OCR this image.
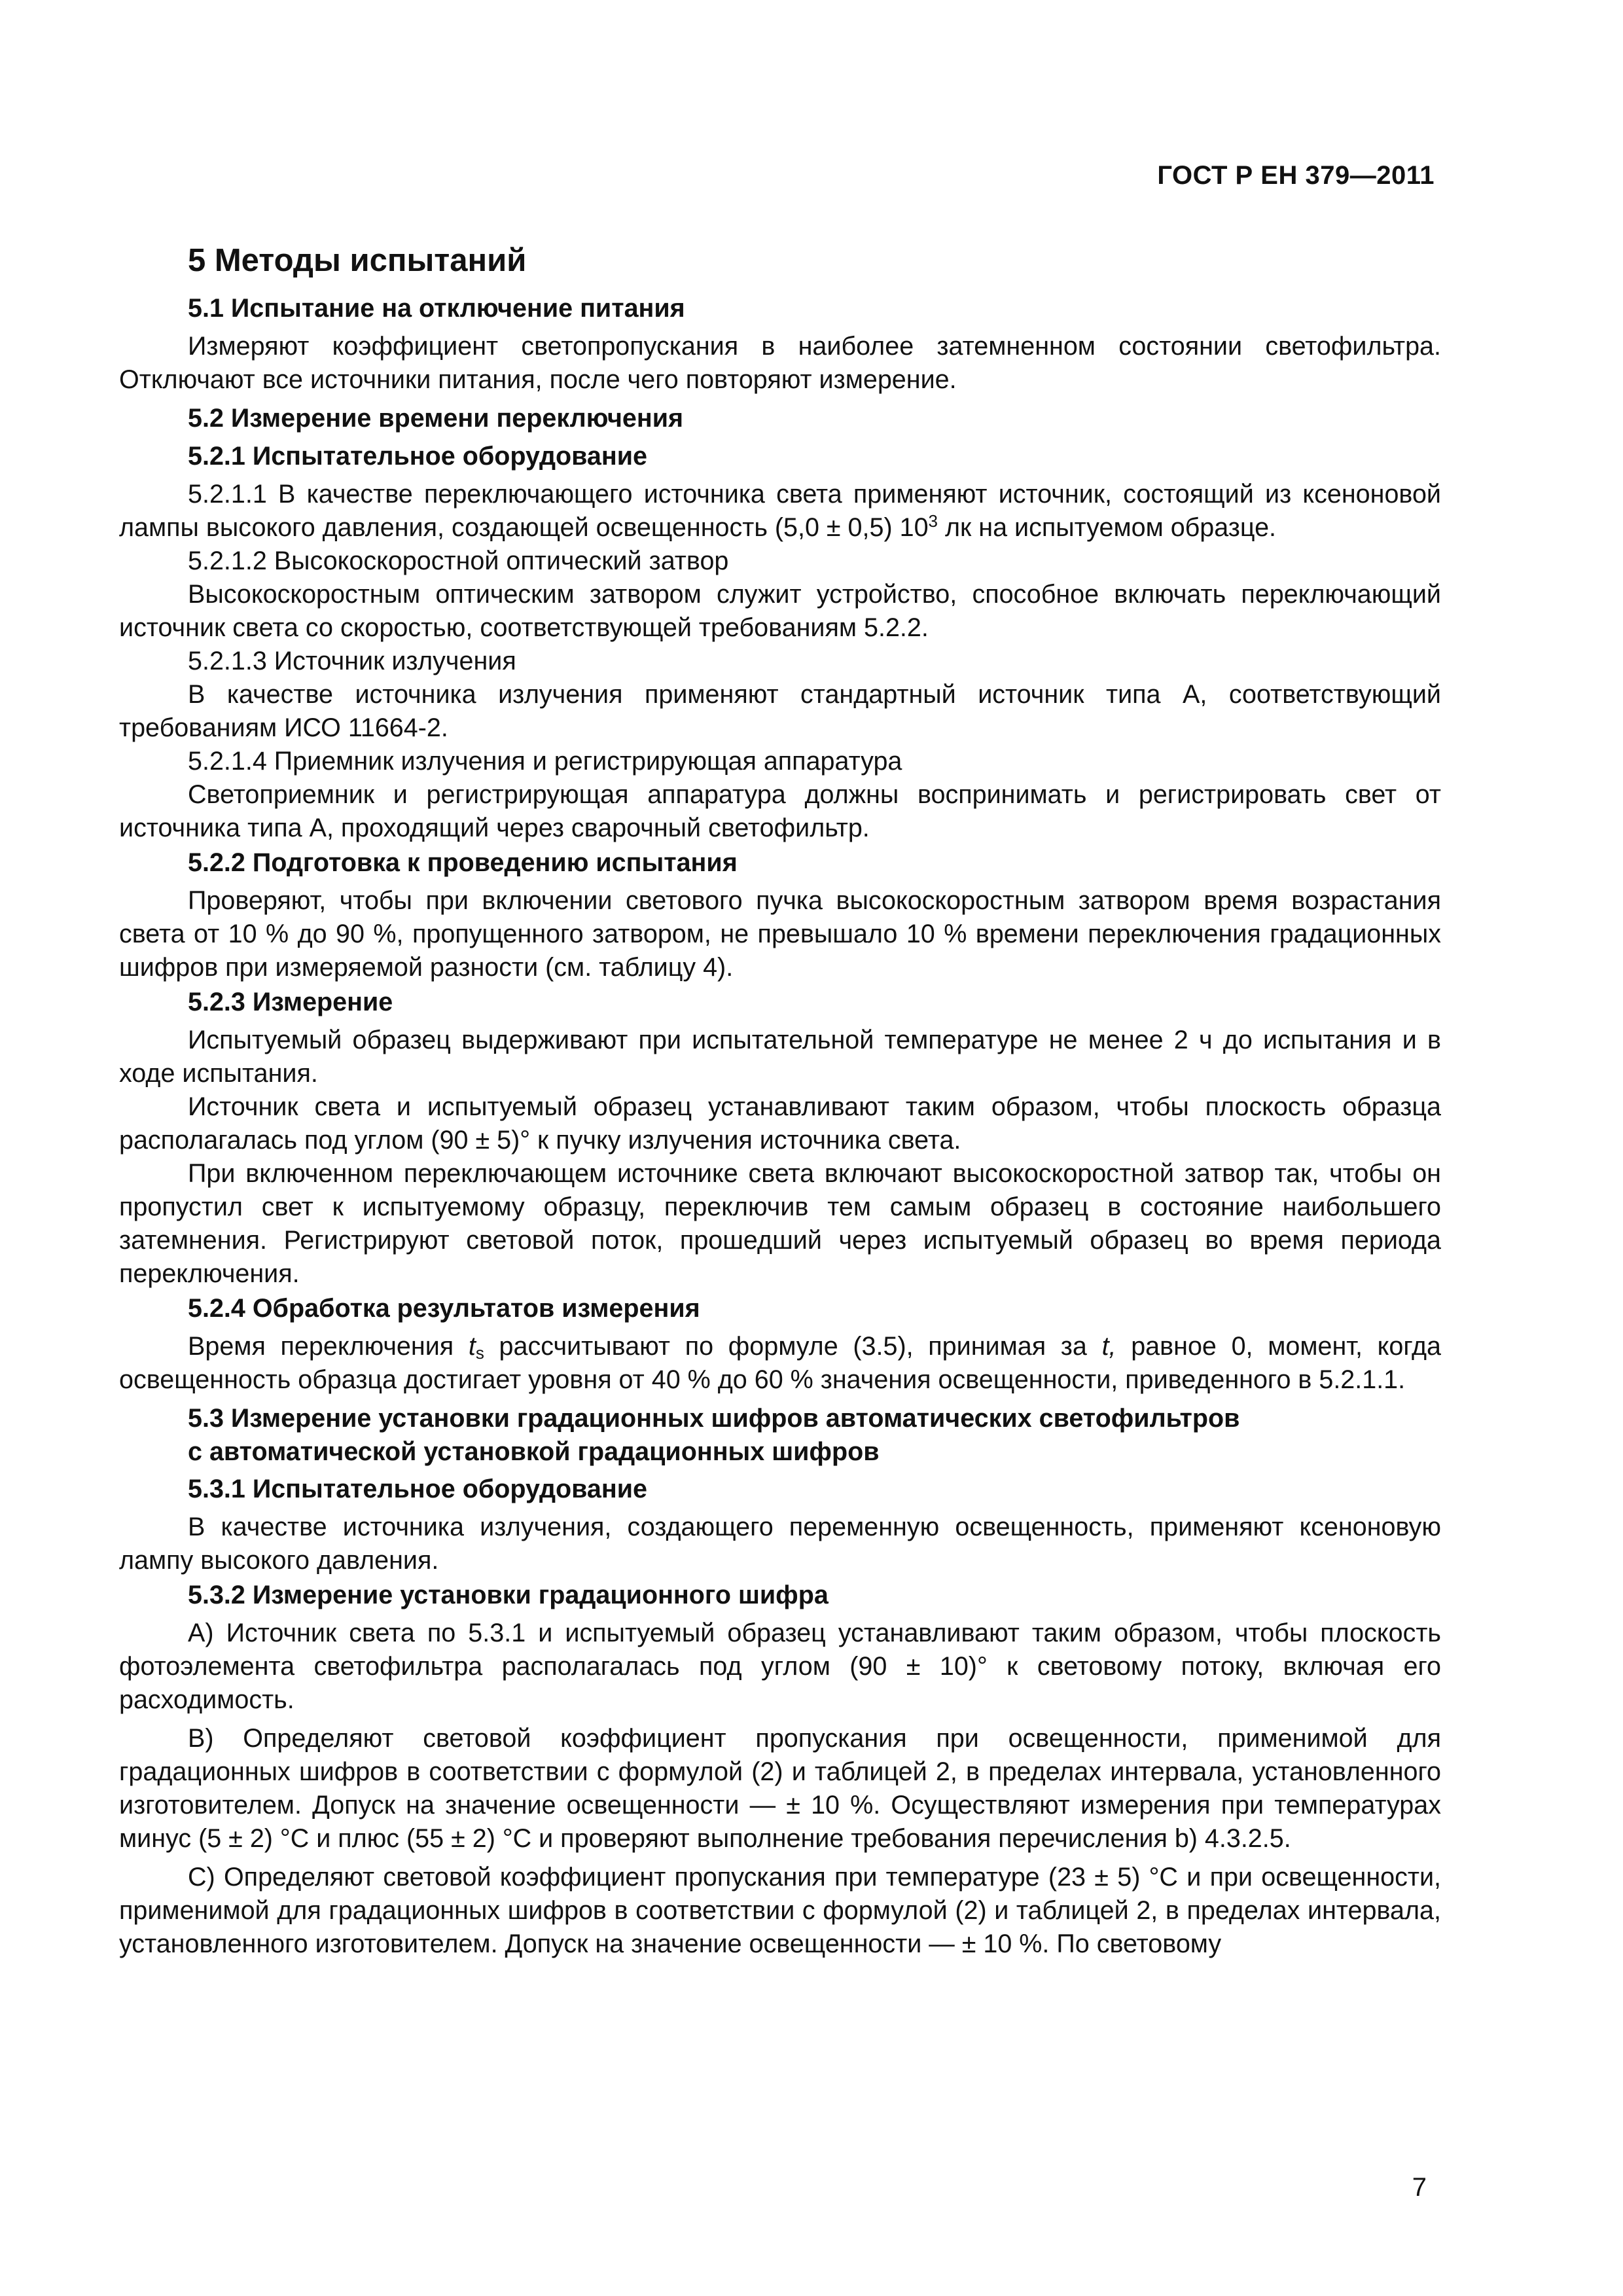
ГОСТ Р ЕН 379—2011
5 Методы испытаний
5.1 Испытание на отключение питания
Измеряют коэффициент светопропускания в наиболее затемненном состоянии светофильтра. Отключают все источники питания, после чего повторяют измерение.
5.2 Измерение времени переключения
5.2.1 Испытательное оборудование
5.2.1.1 В качестве переключающего источника света применяют источник, состоящий из ксеноновой лампы высокого давления, создающей освещенность (5,0 ± 0,5) $10^3$ лк на испытуемом образце.
5.2.1.2 Высокоскоростной оптический затвор
Высокоскоростным оптическим затвором служит устройство, способное включать переключающий источник света со скоростью, соответствующей требованиям 5.2.2.
5.2.1.3 Источник излучения
В качестве источника излучения применяют стандартный источник типа А, соответствующий требованиям ИСО 11664-2.
5.2.1.4 Приемник излучения и регистрирующая аппаратура
Светоприемник и регистрирующая аппаратура должны воспринимать и регистрировать свет от источника типа А, проходящий через сварочный светофильтр.
5.2.2 Подготовка к проведению испытания
Проверяют, чтобы при включении светового пучка высокоскоростным затвором время возрастания света от 10 % до 90 %, пропущенного затвором, не превышало 10 % времени переключения градационных шифров при измеряемой разности (см. таблицу 4).
5.2.3 Измерение
Испытуемый образец выдерживают при испытательной температуре не менее 2 ч до испытания и в ходе испытания.
Источник света и испытуемый образец устанавливают таким образом, чтобы плоскость образца располагалась под углом (90 ± 5)° к пучку излучения источника света.
При включенном переключающем источнике света включают высокоскоростной затвор так, чтобы он пропустил свет к испытуемому образцу, переключив тем самым образец в состояние наибольшего затемнения. Регистрируют световой поток, прошедший через испытуемый образец во время периода переключения.
5.2.4 Обработка результатов измерения
Время переключения $t_s$ рассчитывают по формуле (3.5), принимая за t, равное 0, момент, когда освещенность образца достигает уровня от 40 % до 60 % значения освещенности, приведенного в 5.2.1.1.
5.3 Измерение установки градационных шифров автоматических светофильтров
с автоматической установкой градационных шифров
5.3.1 Испытательное оборудование
В качестве источника излучения, создающего переменную освещенность, применяют ксеноновую лампу высокого давления.
5.3.2 Измерение установки градационного шифра
А) Источник света по 5.3.1 и испытуемый образец устанавливают таким образом, чтобы плоскость фотоэлемента светофильтра располагалась под углом (90 ± 10)° к световому потоку, включая его расходимость.
В) Определяют световой коэффициент пропускания при освещенности, применимой для градационных шифров в соответствии с формулой (2) и таблицей 2, в пределах интервала, установленного изготовителем. Допуск на значение освещенности — ± 10 %. Осуществляют измерения при температурах минус (5 ± 2) °С и плюс (55 ± 2) °С и проверяют выполнение требования перечисления b) 4.3.2.5.
С) Определяют световой коэффициент пропускания при температуре (23 ± 5) °С и при освещенности, применимой для градационных шифров в соответствии с формулой (2) и таблицей 2, в пределах интервала, установленного изготовителем. Допуск на значение освещенности — ± 10 %. По световому
7
